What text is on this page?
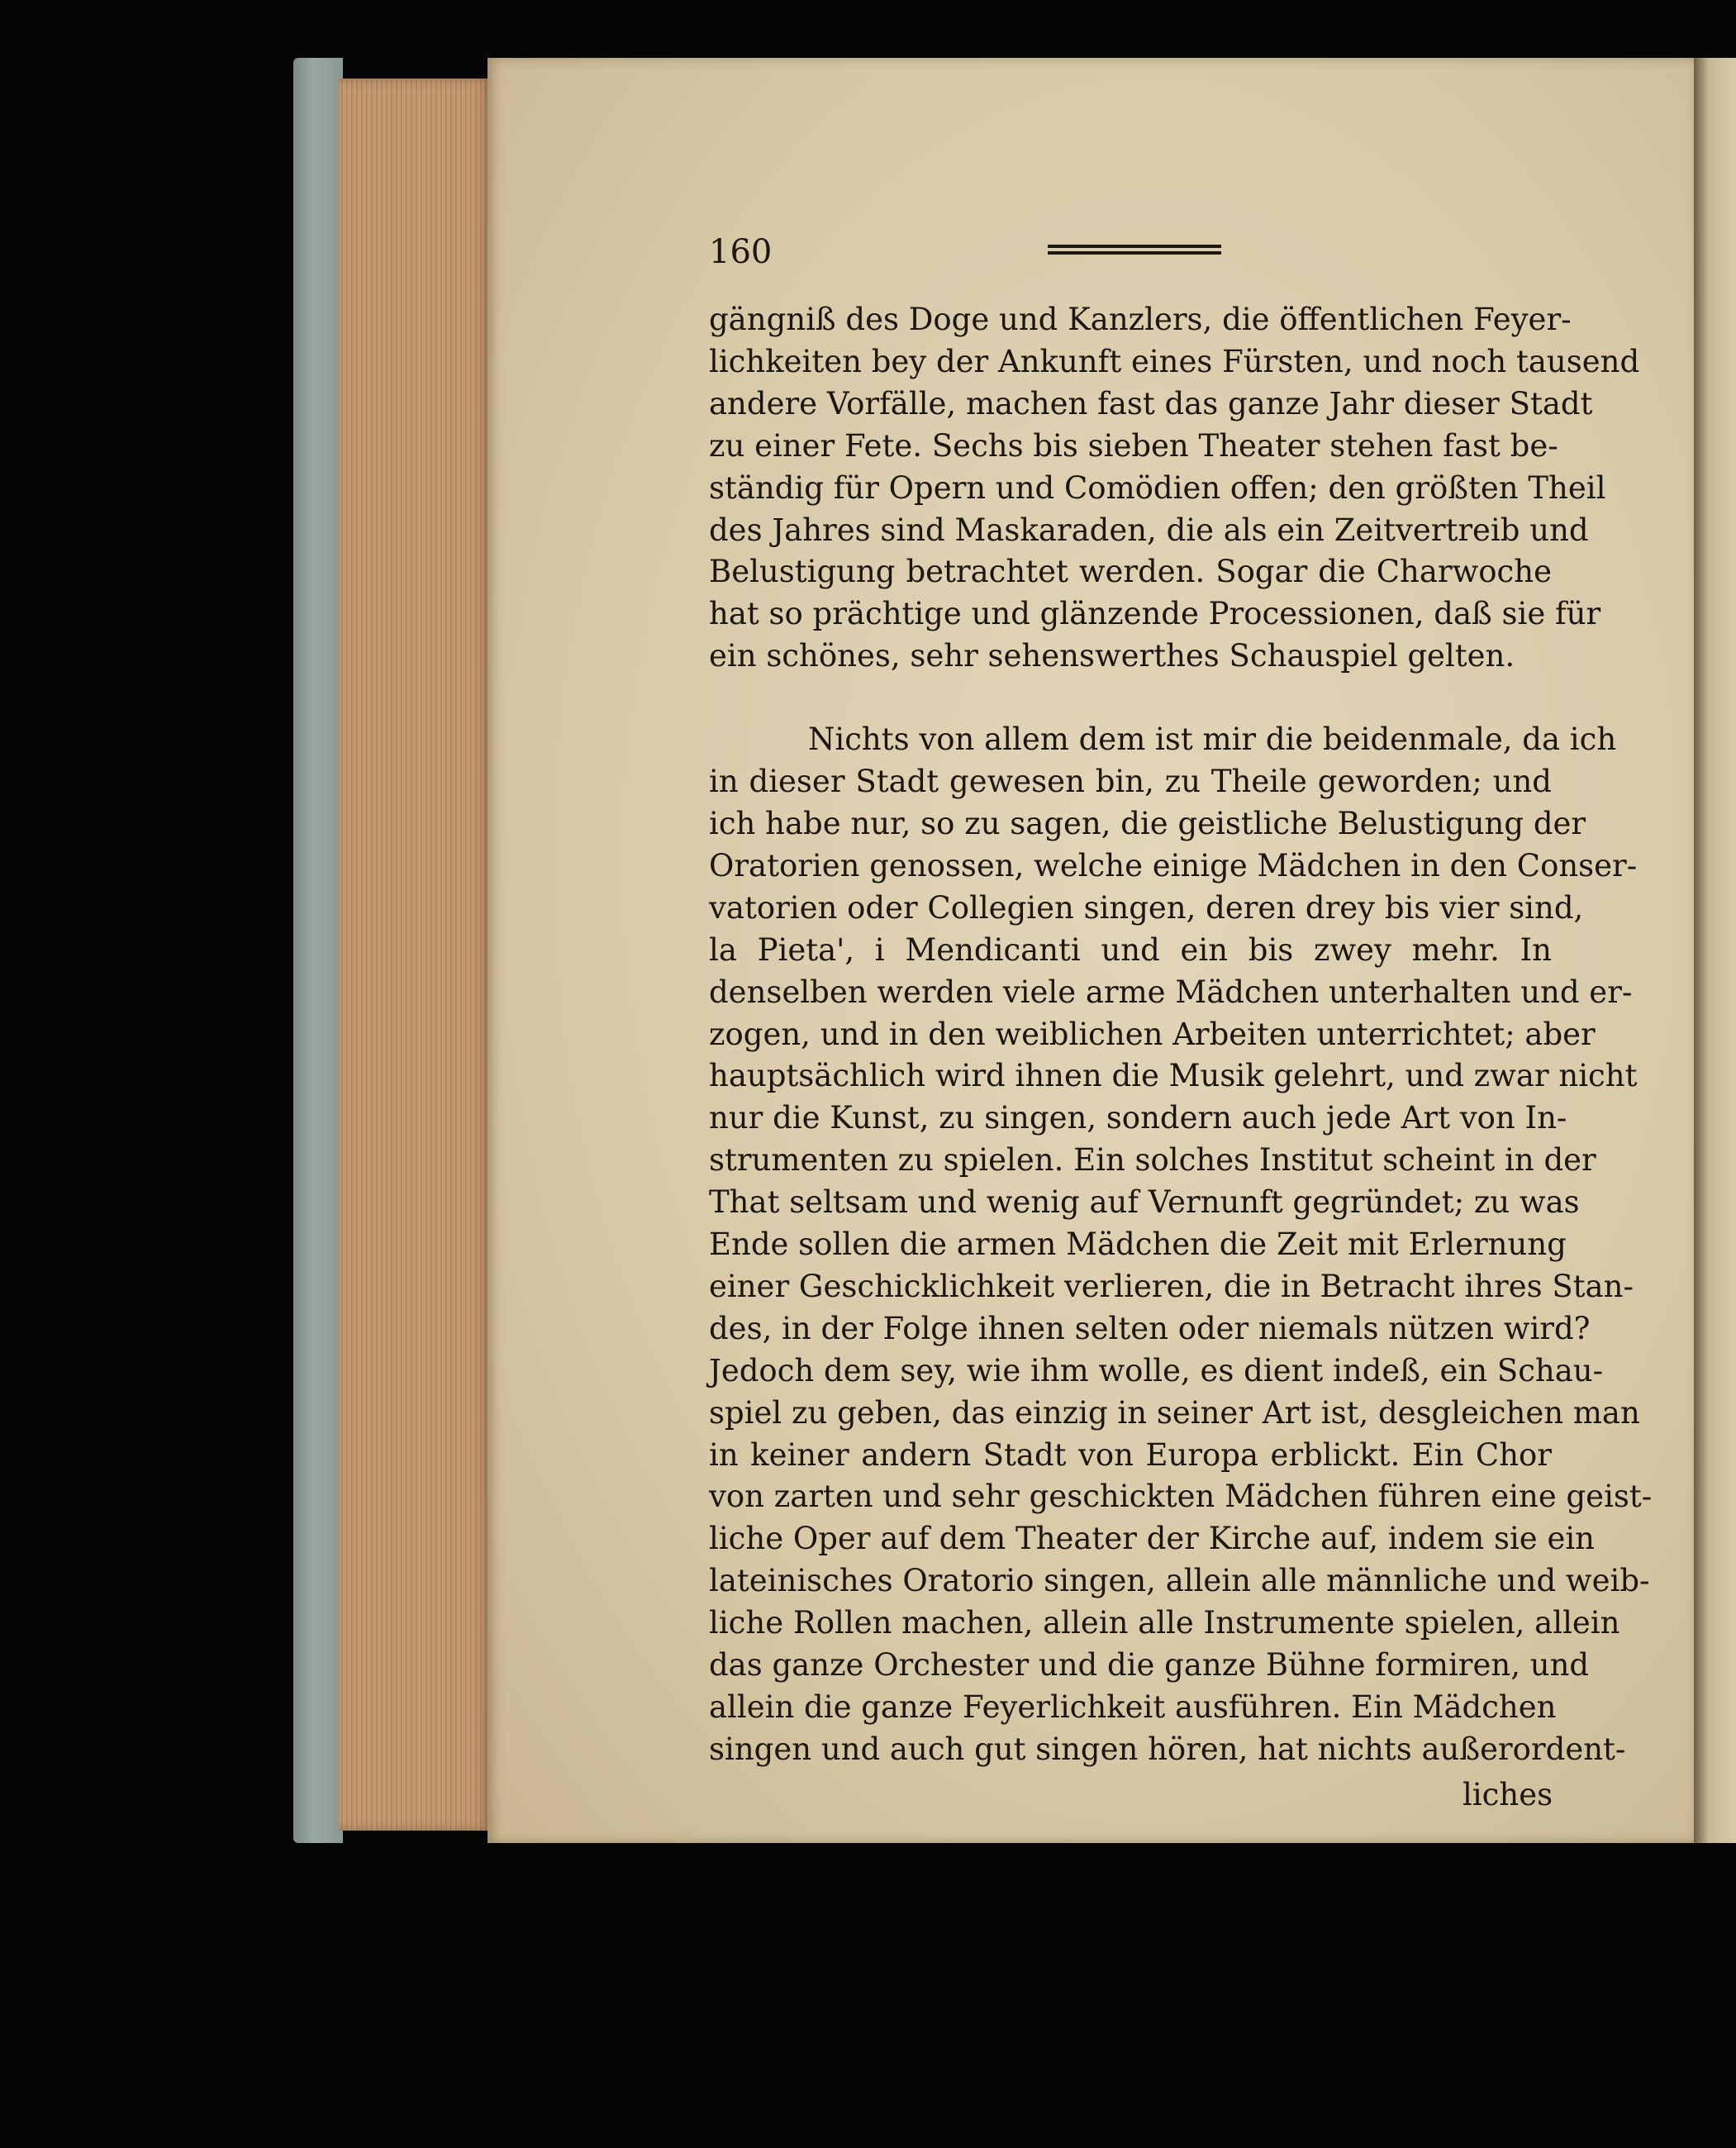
160
gängniß des Doge und Kanzlers, die öffentlichen Feyer-
lichkeiten bey der Ankunft eines Fürsten, und noch tausend
andere Vorfälle, machen fast das ganze Jahr dieser Stadt
zu einer Fete. Sechs bis sieben Theater stehen fast be-
ständig für Opern und Comödien offen; den größten Theil
des Jahres sind Maskaraden, die als ein Zeitvertreib und
Belustigung betrachtet werden. Sogar die Charwoche
hat so prächtige und glänzende Processionen, daß sie für
ein schönes, sehr sehenswerthes Schauspiel gelten.
Nichts von allem dem ist mir die beidenmale, da ich
in dieser Stadt gewesen bin, zu Theile geworden; und
ich habe nur, so zu sagen, die geistliche Belustigung der
Oratorien genossen, welche einige Mädchen in den Conser-
vatorien oder Collegien singen, deren drey bis vier sind,
la Pieta', i Mendicanti und ein bis zwey mehr. In
denselben werden viele arme Mädchen unterhalten und er-
zogen, und in den weiblichen Arbeiten unterrichtet; aber
hauptsächlich wird ihnen die Musik gelehrt, und zwar nicht
nur die Kunst, zu singen, sondern auch jede Art von In-
strumenten zu spielen. Ein solches Institut scheint in der
That seltsam und wenig auf Vernunft gegründet; zu was
Ende sollen die armen Mädchen die Zeit mit Erlernung
einer Geschicklichkeit verlieren, die in Betracht ihres Stan-
des, in der Folge ihnen selten oder niemals nützen wird?
Jedoch dem sey, wie ihm wolle, es dient indeß, ein Schau-
spiel zu geben, das einzig in seiner Art ist, desgleichen man
in keiner andern Stadt von Europa erblickt. Ein Chor
von zarten und sehr geschickten Mädchen führen eine geist-
liche Oper auf dem Theater der Kirche auf, indem sie ein
lateinisches Oratorio singen, allein alle männliche und weib-
liche Rollen machen, allein alle Instrumente spielen, allein
das ganze Orchester und die ganze Bühne formiren, und
allein die ganze Feyerlichkeit ausführen. Ein Mädchen
singen und auch gut singen hören, hat nichts außerordent-
liches
